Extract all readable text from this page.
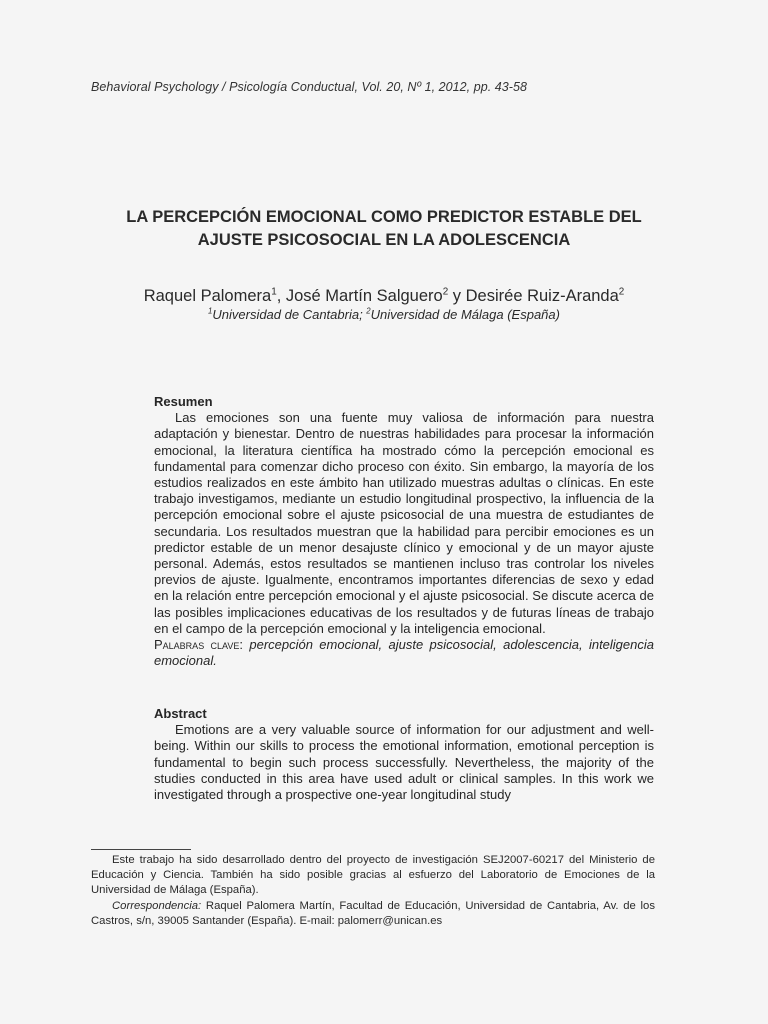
Behavioral Psychology / Psicología Conductual, Vol. 20, Nº 1, 2012, pp. 43-58
LA PERCEPCIÓN EMOCIONAL COMO PREDICTOR ESTABLE DEL
AJUSTE PSICOSOCIAL EN LA ADOLESCENCIA
Raquel Palomera$^1$, José Martín Salguero$^2$ y Desirée Ruiz-Aranda$^2$
$^1$Universidad de Cantabria; $^2$Universidad de Málaga (España)
Resumen
Las emociones son una fuente muy valiosa de información para nuestra adaptación y bienestar. Dentro de nuestras habilidades para procesar la información emocional, la literatura científica ha mostrado cómo la percepción emocional es fundamental para comenzar dicho proceso con éxito. Sin embargo, la mayoría de los estudios realizados en este ámbito han utilizado muestras adultas o clínicas. En este trabajo investigamos, mediante un estudio longitudinal prospectivo, la influencia de la percepción emocional sobre el ajuste psicosocial de una muestra de estudiantes de secundaria. Los resultados muestran que la habilidad para percibir emociones es un predictor estable de un menor desajuste clínico y emocional y de un mayor ajuste personal. Además, estos resultados se mantienen incluso tras controlar los niveles previos de ajuste. Igualmente, encontramos importantes diferencias de sexo y edad en la relación entre percepción emocional y el ajuste psicosocial. Se discute acerca de las posibles implicaciones educativas de los resultados y de futuras líneas de trabajo en el campo de la percepción emocional y la inteligencia emocional.
Palabras clave: percepción emocional, ajuste psicosocial, adolescencia, inteligencia emocional.
Abstract
Emotions are a very valuable source of information for our adjustment and well-being. Within our skills to process the emotional information, emotional perception is fundamental to begin such process successfully. Nevertheless, the majority of the studies conducted in this area have used adult or clinical samples. In this work we investigated through a prospective one-year longitudinal study

Este trabajo ha sido desarrollado dentro del proyecto de investigación SEJ2007-60217 del Ministerio de Educación y Ciencia. También ha sido posible gracias al esfuerzo del Laboratorio de Emociones de la Universidad de Málaga (España).

Correspondencia: Raquel Palomera Martín, Facultad de Educación, Universidad de Cantabria, Av. de los Castros, s/n, 39005 Santander (España). E-mail: palomerr@unican.es
